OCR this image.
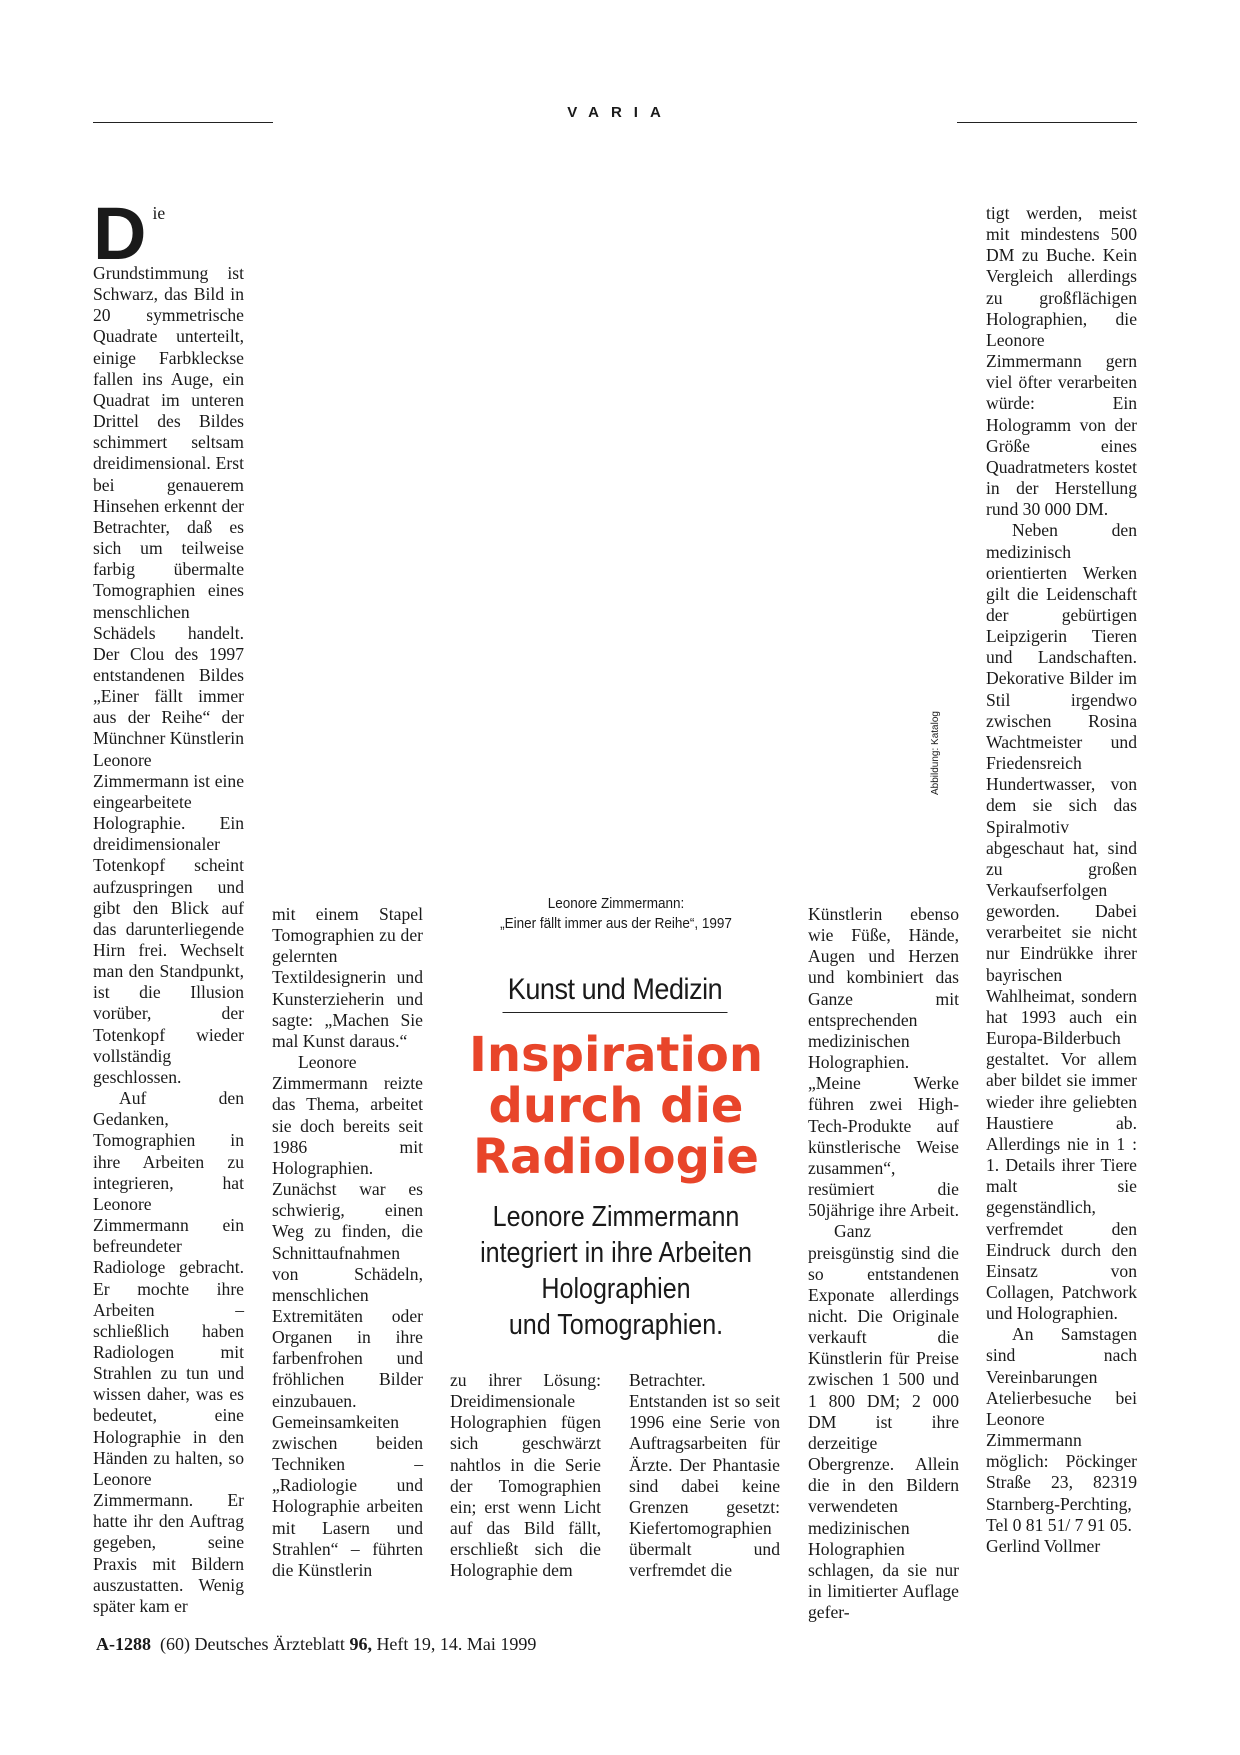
VARIA

Die Grundstimmung ist Schwarz, das Bild in 20 symmetrische Quadrate unterteilt, einige Farbkleckse fallen ins Auge, ein Quadrat im unteren Drittel des Bildes schimmert seltsam dreidimensional. Erst bei genauerem Hinsehen erkennt der Betrachter, daß es sich um teilweise farbig übermalte Tomographien eines menschlichen Schädels handelt. Der Clou des 1997 entstandenen Bildes „Einer fällt immer aus der Reihe“ der Münchner Künstlerin Leonore Zimmermann ist eine eingearbeitete Holographie. Ein dreidimensionaler Totenkopf scheint aufzuspringen und gibt den Blick auf das darunterliegende Hirn frei. Wechselt man den Standpunkt, ist die Illusion vorüber, der Totenkopf wieder vollständig geschlossen.

Auf den Gedanken, Tomographien in ihre Arbeiten zu integrieren, hat Leonore Zimmermann ein befreundeter Radiologe gebracht. Er mochte ihre Arbeiten – schließlich haben Radiologen mit Strahlen zu tun und wissen daher, was es bedeutet, eine Holographie in den Händen zu halten, so Leonore Zimmermann. Er hatte ihr den Auftrag gegeben, seine Praxis mit Bildern auszustatten. Wenig später kam er

mit einem Stapel Tomographien zu der gelernten Textildesignerin und Kunsterzieherin und sagte: „Machen Sie mal Kunst daraus.“

Leonore Zimmermann reizte das Thema, arbeitet sie doch bereits seit 1986 mit Holographien. Zunächst war es schwierig, einen Weg zu finden, die Schnittaufnahmen von Schädeln, menschlichen Extremitäten oder Organen in ihre farbenfrohen und fröhlichen Bilder einzubauen. Gemeinsamkeiten zwischen beiden Techniken – „Radiologie und Holographie arbeiten mit Lasern und Strahlen“ – führten die Künstlerin

zu ihrer Lösung: Dreidimensionale Holographien fügen sich geschwärzt nahtlos in die Serie der Tomographien ein; erst wenn Licht auf das Bild fällt, erschließt sich die Holographie dem

Betrachter. Entstanden ist so seit 1996 eine Serie von Auftragsarbeiten für Ärzte. Der Phantasie sind dabei keine Grenzen gesetzt: Kiefertomographien übermalt und verfremdet die

Künstlerin ebenso wie Füße, Hände, Augen und Herzen und kombiniert das Ganze mit entsprechenden medizinischen Holographien. „Meine Werke führen zwei High-Tech-Produkte auf künstlerische Weise zusammen“, resümiert die 50jährige ihre Arbeit.

Ganz preisgünstig sind die so entstandenen Exponate allerdings nicht. Die Originale verkauft die Künstlerin für Preise zwischen 1 500 und 1 800 DM; 2 000 DM ist ihre derzeitige Obergrenze. Allein die in den Bildern verwendeten medizinischen Holographien schlagen, da sie nur in limitierter Auflage gefer-

tigt werden, meist mit mindestens 500 DM zu Buche. Kein Vergleich allerdings zu großflächigen Holographien, die Leonore Zimmermann gern viel öfter verarbeiten würde: Ein Hologramm von der Größe eines Quadratmeters kostet in der Herstellung rund 30 000 DM.

Neben den medizinisch orientierten Werken gilt die Leidenschaft der gebürtigen Leipzigerin Tieren und Landschaften. Dekorative Bilder im Stil irgendwo zwischen Rosina Wachtmeister und Friedensreich Hundertwasser, von dem sie sich das Spiralmotiv abgeschaut hat, sind zu großen Verkaufserfolgen geworden. Dabei verarbeitet sie nicht nur Eindrükke ihrer bayrischen Wahlheimat, sondern hat 1993 auch ein Europa-Bilderbuch gestaltet. Vor allem aber bildet sie immer wieder ihre geliebten Haustiere ab. Allerdings nie in 1 : 1. Details ihrer Tiere malt sie gegenständlich, verfremdet den Eindruck durch den Einsatz von Collagen, Patchwork und Holographien.

An Samstagen sind nach Vereinbarungen Atelierbesuche bei Leonore Zimmermann möglich: Pöckinger Straße 23, 82319 Starnberg-Perchting, Tel 0 81 51/ 7 91 05.

Gerlind Vollmer

Leonore Zimmermann:
„Einer fällt immer aus der Reihe“, 1997
Kunst und Medizin
Inspiration
durch die
Radiologie
Leonore Zimmermann
integriert in ihre Arbeiten
Holographien
und Tomographien.
Abbildung: Katalog
A-1288 (60) Deutsches Ärzteblatt 96, Heft 19, 14. Mai 1999
